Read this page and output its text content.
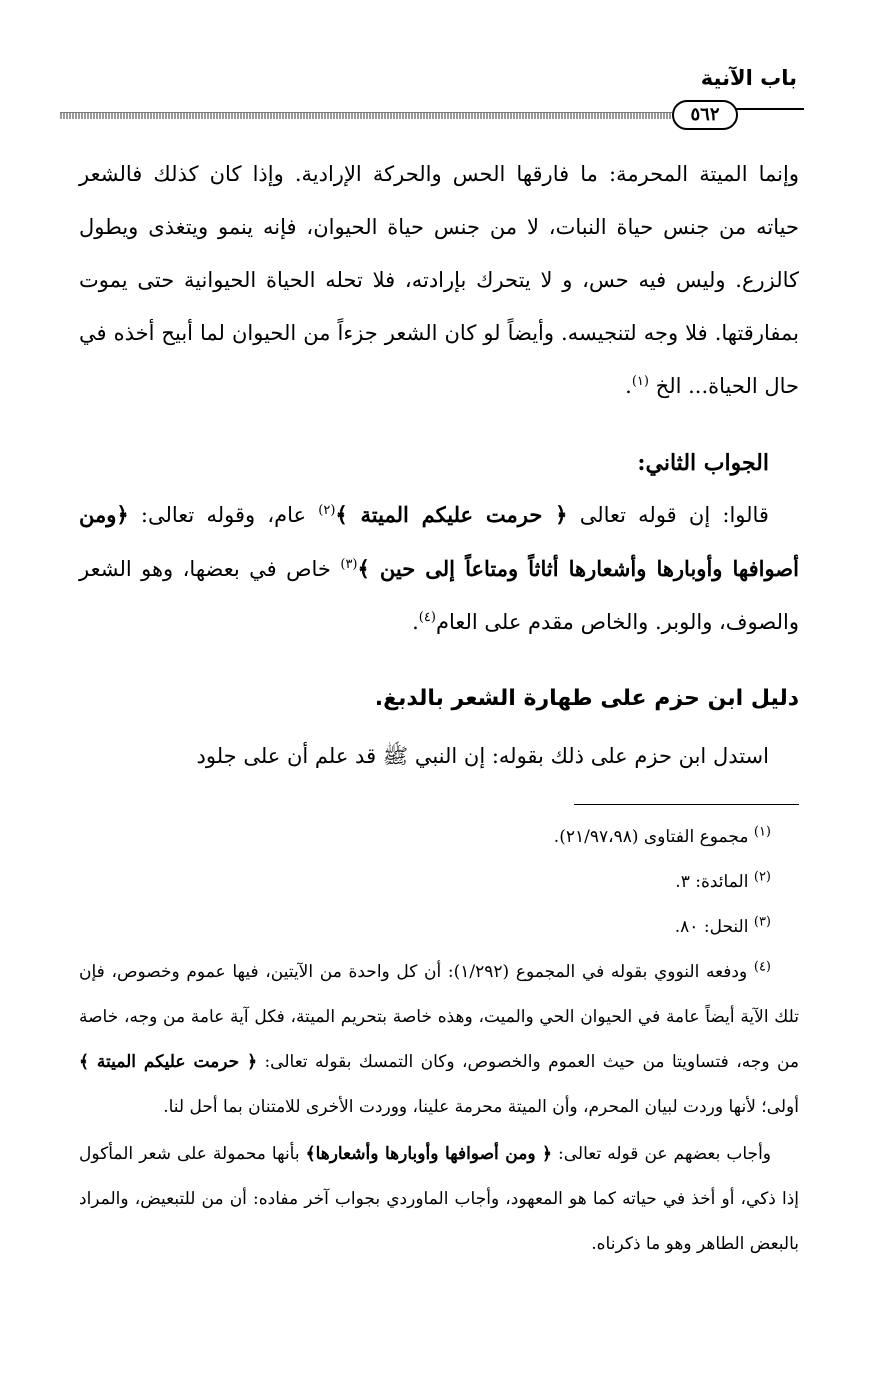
باب الآنية
٥٦٢

وإنما الميتة المحرمة: ما فارقها الحس والحركة الإرادية. وإذا كان كذلك فالشعر حياته من جنس حياة النبات، لا من جنس حياة الحيوان، فإنه ينمو ويتغذى ويطول كالزرع. وليس فيه حس، و لا يتحرك بإرادته، فلا تحله الحياة الحيوانية حتى يموت بمفارقتها. فلا وجه لتنجيسه. وأيضاً لو كان الشعر جزءاً من الحيوان لما أبيح أخذه في حال الحياة... الخ $^{(١)}$.

الجواب الثاني:

قالوا: إن قوله تعالى ﴿ حرمت عليكم الميتة ﴾$^{(٢)}$ عام، وقوله تعالى: ﴿ومن أصوافها وأوبارها وأشعارها أثاثاً ومتاعاً إلى حين ﴾$^{(٣)}$ خاص في بعضها، وهو الشعر والصوف، والوبر. والخاص مقدم على العام$^{(٤)}$.

دليل ابن حزم على طهارة الشعر بالدبغ.

استدل ابن حزم على ذلك بقوله: إن النبي ﷺ قد علم أن على جلود

$^{(١)}$ مجموع الفتاوى (٢١/٩٧،٩٨).

$^{(٢)}$ المائدة: ٣.

$^{(٣)}$ النحل: ٨٠.

$^{(٤)}$ ودفعه النووي بقوله في المجموع (١/٢٩٢): أن كل واحدة من الآيتين، فيها عموم وخصوص، فإن تلك الآية أيضاً عامة في الحيوان الحي والميت، وهذه خاصة بتحريم الميتة، فكل آية عامة من وجه، خاصة من وجه، فتساويتا من حيث العموم والخصوص، وكان التمسك بقوله تعالى: ﴿ حرمت عليكم الميتة ﴾ أولى؛ لأنها وردت لبيان المحرم، وأن الميتة محرمة علينا، ووردت الأخرى للامتنان بما أحل لنا.

وأجاب بعضهم عن قوله تعالى: ﴿ ومن أصوافها وأوبارها وأشعارها﴾ بأنها محمولة على شعر المأكول إذا ذكي، أو أخذ في حياته كما هو المعهود، وأجاب الماوردي بجواب آخر مفاده: أن من للتبعيض، والمراد بالبعض الطاهر وهو ما ذكرناه.
